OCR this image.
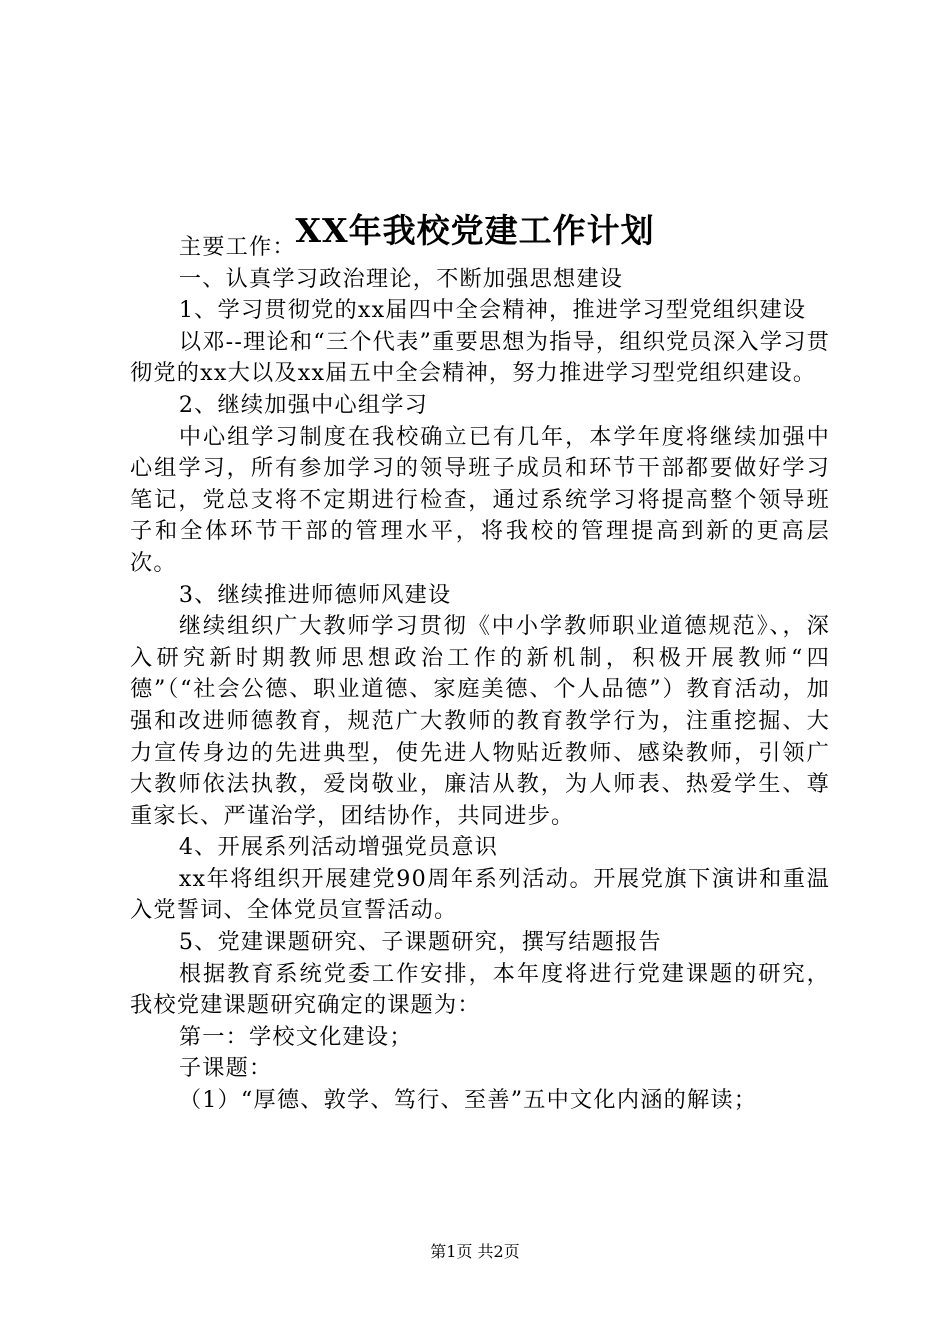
XX年我校党建工作计划

主要工作：

一、认真学习政治理论，不断加强思想建设

1、学习贯彻党的xx届四中全会精神，推进学习型党组织建设

以邓--理论和“三个代表”重要思想为指导，组织党员深入学习贯彻党的xx大以及xx届五中全会精神，努力推进学习型党组织建设。

2、继续加强中心组学习

中心组学习制度在我校确立已有几年，本学年度将继续加强中心组学习，所有参加学习的领导班子成员和环节干部都要做好学习笔记，党总支将不定期进行检查，通过系统学习将提高整个领导班子和全体环节干部的管理水平，将我校的管理提高到新的更高层次。

3、继续推进师德师风建设

继续组织广大教师学习贯彻《中小学教师职业道德规范》、，深入研究新时期教师思想政治工作的新机制，积极开展教师“四德”（“社会公德、职业道德、家庭美德、个人品德”）教育活动，加强和改进师德教育，规范广大教师的教育教学行为，注重挖掘、大力宣传身边的先进典型，使先进人物贴近教师、感染教师，引领广大教师依法执教，爱岗敬业，廉洁从教，为人师表、热爱学生、尊重家长、严谨治学，团结协作，共同进步。

4、开展系列活动增强党员意识

xx年将组织开展建党90周年系列活动。开展党旗下演讲和重温入党誓词、全体党员宣誓活动。

5、党建课题研究、子课题研究，撰写结题报告

根据教育系统党委工作安排，本年度将进行党建课题的研究，我校党建课题研究确定的课题为：

第一：学校文化建设；

子课题：

（1）“厚德、敦学、笃行、至善”五中文化内涵的解读；

第1页 共2页
